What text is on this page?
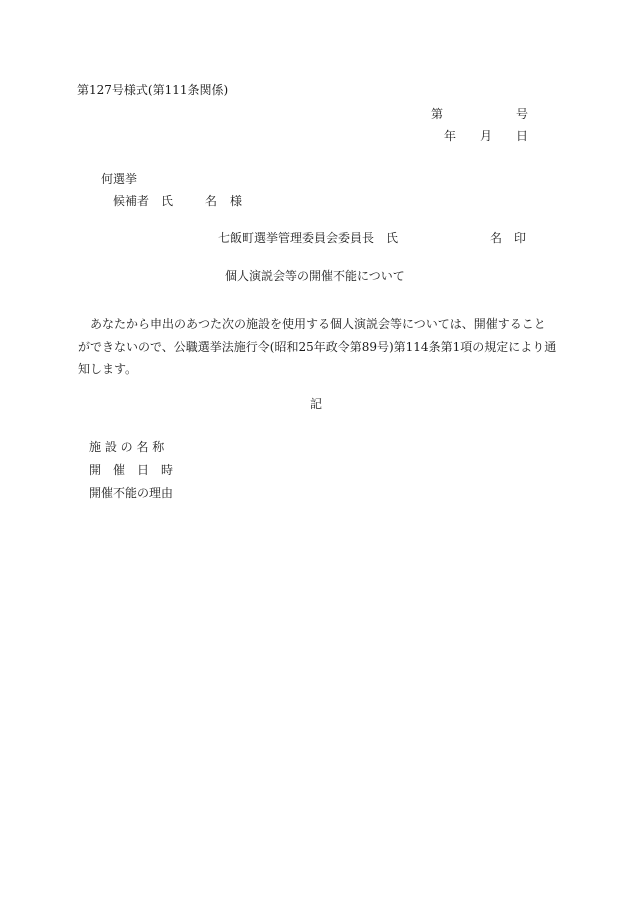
第127号様式(第111条関係)
第	号
年 月 日
何選挙
候補者　氏	名 様
七飯町選挙管理委員会委員長　氏	名 印
個人演説会等の開催不能について
　あなたから申出のあつた次の施設を使用する個人演説会等については、開催すること
ができないので、公職選挙法施行令(昭和25年政令第89号)第114条第1項の規定により通
知します。
記
施 設 の 名 称
開　催　日　時
開催不能の理由
